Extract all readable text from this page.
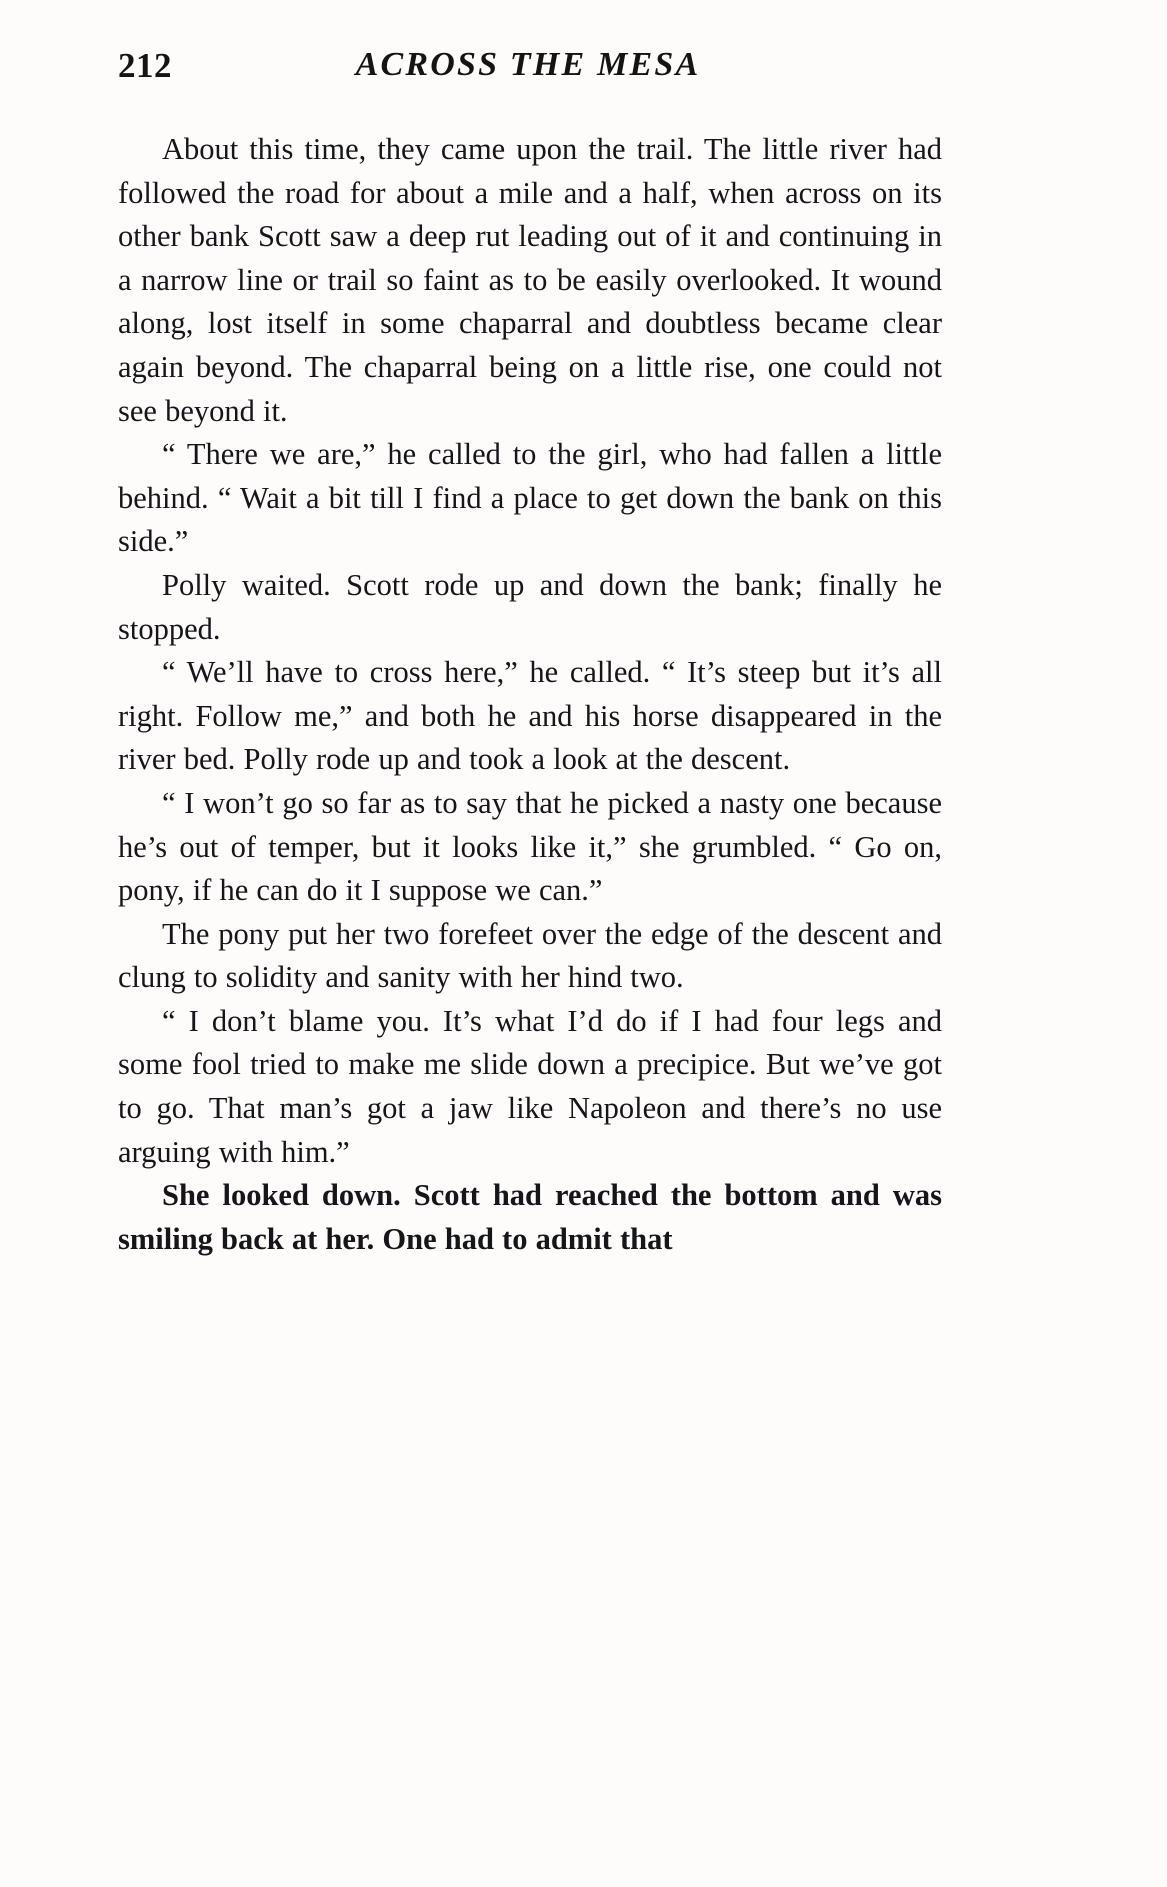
212	ACROSS THE MESA

About this time, they came upon the trail. The little river had followed the road for about a mile and a half, when across on its other bank Scott saw a deep rut leading out of it and continuing in a narrow line or trail so faint as to be easily overlooked. It wound along, lost itself in some chaparral and doubtless became clear again beyond. The chaparral being on a little rise, one could not see beyond it.

“ There we are,” he called to the girl, who had fallen a little behind. “ Wait a bit till I find a place to get down the bank on this side.”

Polly waited. Scott rode up and down the bank; finally he stopped.

“ We’ll have to cross here,” he called. “ It’s steep but it’s all right. Follow me,” and both he and his horse disappeared in the river bed. Polly rode up and took a look at the descent.

“ I won’t go so far as to say that he picked a nasty one because he’s out of temper, but it looks like it,” she grumbled. “ Go on, pony, if he can do it I suppose we can.”

The pony put her two forefeet over the edge of the descent and clung to solidity and sanity with her hind two.

“ I don’t blame you. It’s what I’d do if I had four legs and some fool tried to make me slide down a precipice. But we’ve got to go. That man’s got a jaw like Napoleon and there’s no use arguing with him.”

She looked down. Scott had reached the bottom and was smiling back at her. One had to admit that
